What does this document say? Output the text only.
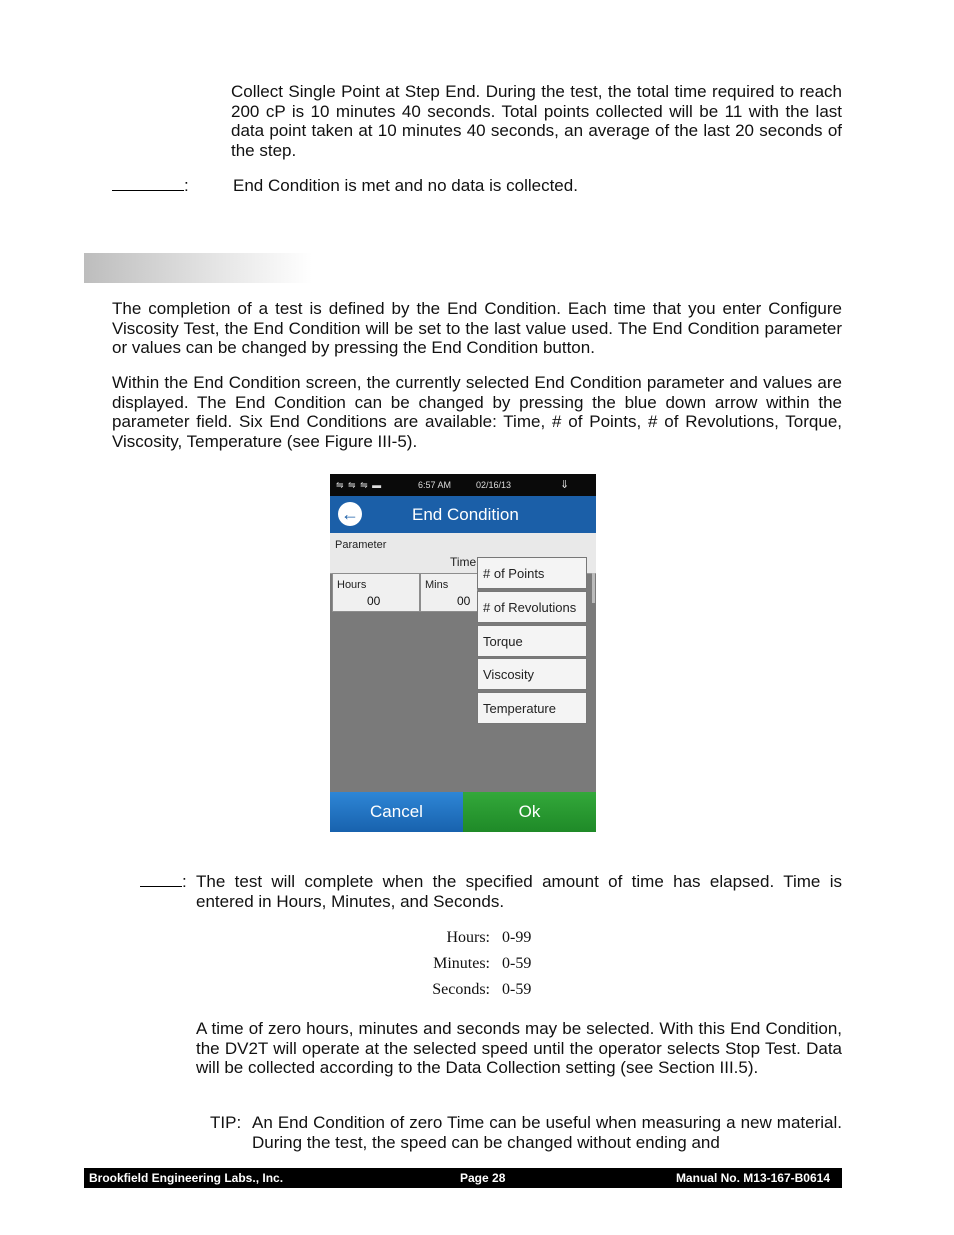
Collect Single Point at Step End. During the test, the total time required to reach 200 cP is 10 minutes 40 seconds. Total points collected will be 11 with the last data point taken at 10 minutes 40 seconds, an average of the last 20 seconds of the step.
:	End Condition is met and no data is collected.
The completion of a test is defined by the End Condition. Each time that you enter Configure Viscosity Test, the End Condition will be set to the last value used. The End Condition parameter or values can be changed by pressing the End Condition button.
Within the End Condition screen, the currently selected End Condition parameter and values are displayed. The End Condition can be changed by pressing the blue down arrow within the parameter field. Six End Conditions are available: Time, # of Points, # of Revolutions, Torque, Viscosity, Temperature (see Figure III-5).
⇋ ⇋ ⇋ ▬	6:57 AM	02/16/13	⇓
←	End Condition
Parameter
Time
Hours
00
Mins
00
# of Points
# of Revolutions
Torque
Viscosity
Temperature
Cancel	Ok
: The test will complete when the specified amount of time has elapsed. Time is entered in Hours, Minutes, and Seconds.
Hours: 0-99
Minutes: 0-59
Seconds: 0-59
A time of zero hours, minutes and seconds may be selected. With this End Condition, the DV2T will operate at the selected speed until the operator selects Stop Test. Data will be collected according to the Data Collection setting (see Section III.5).
TIP: An End Condition of zero Time can be useful when measuring a new material. During the test, the speed can be changed without ending and
Brookfield Engineering Labs., Inc.	Page 28	Manual No. M13-167-B0614
